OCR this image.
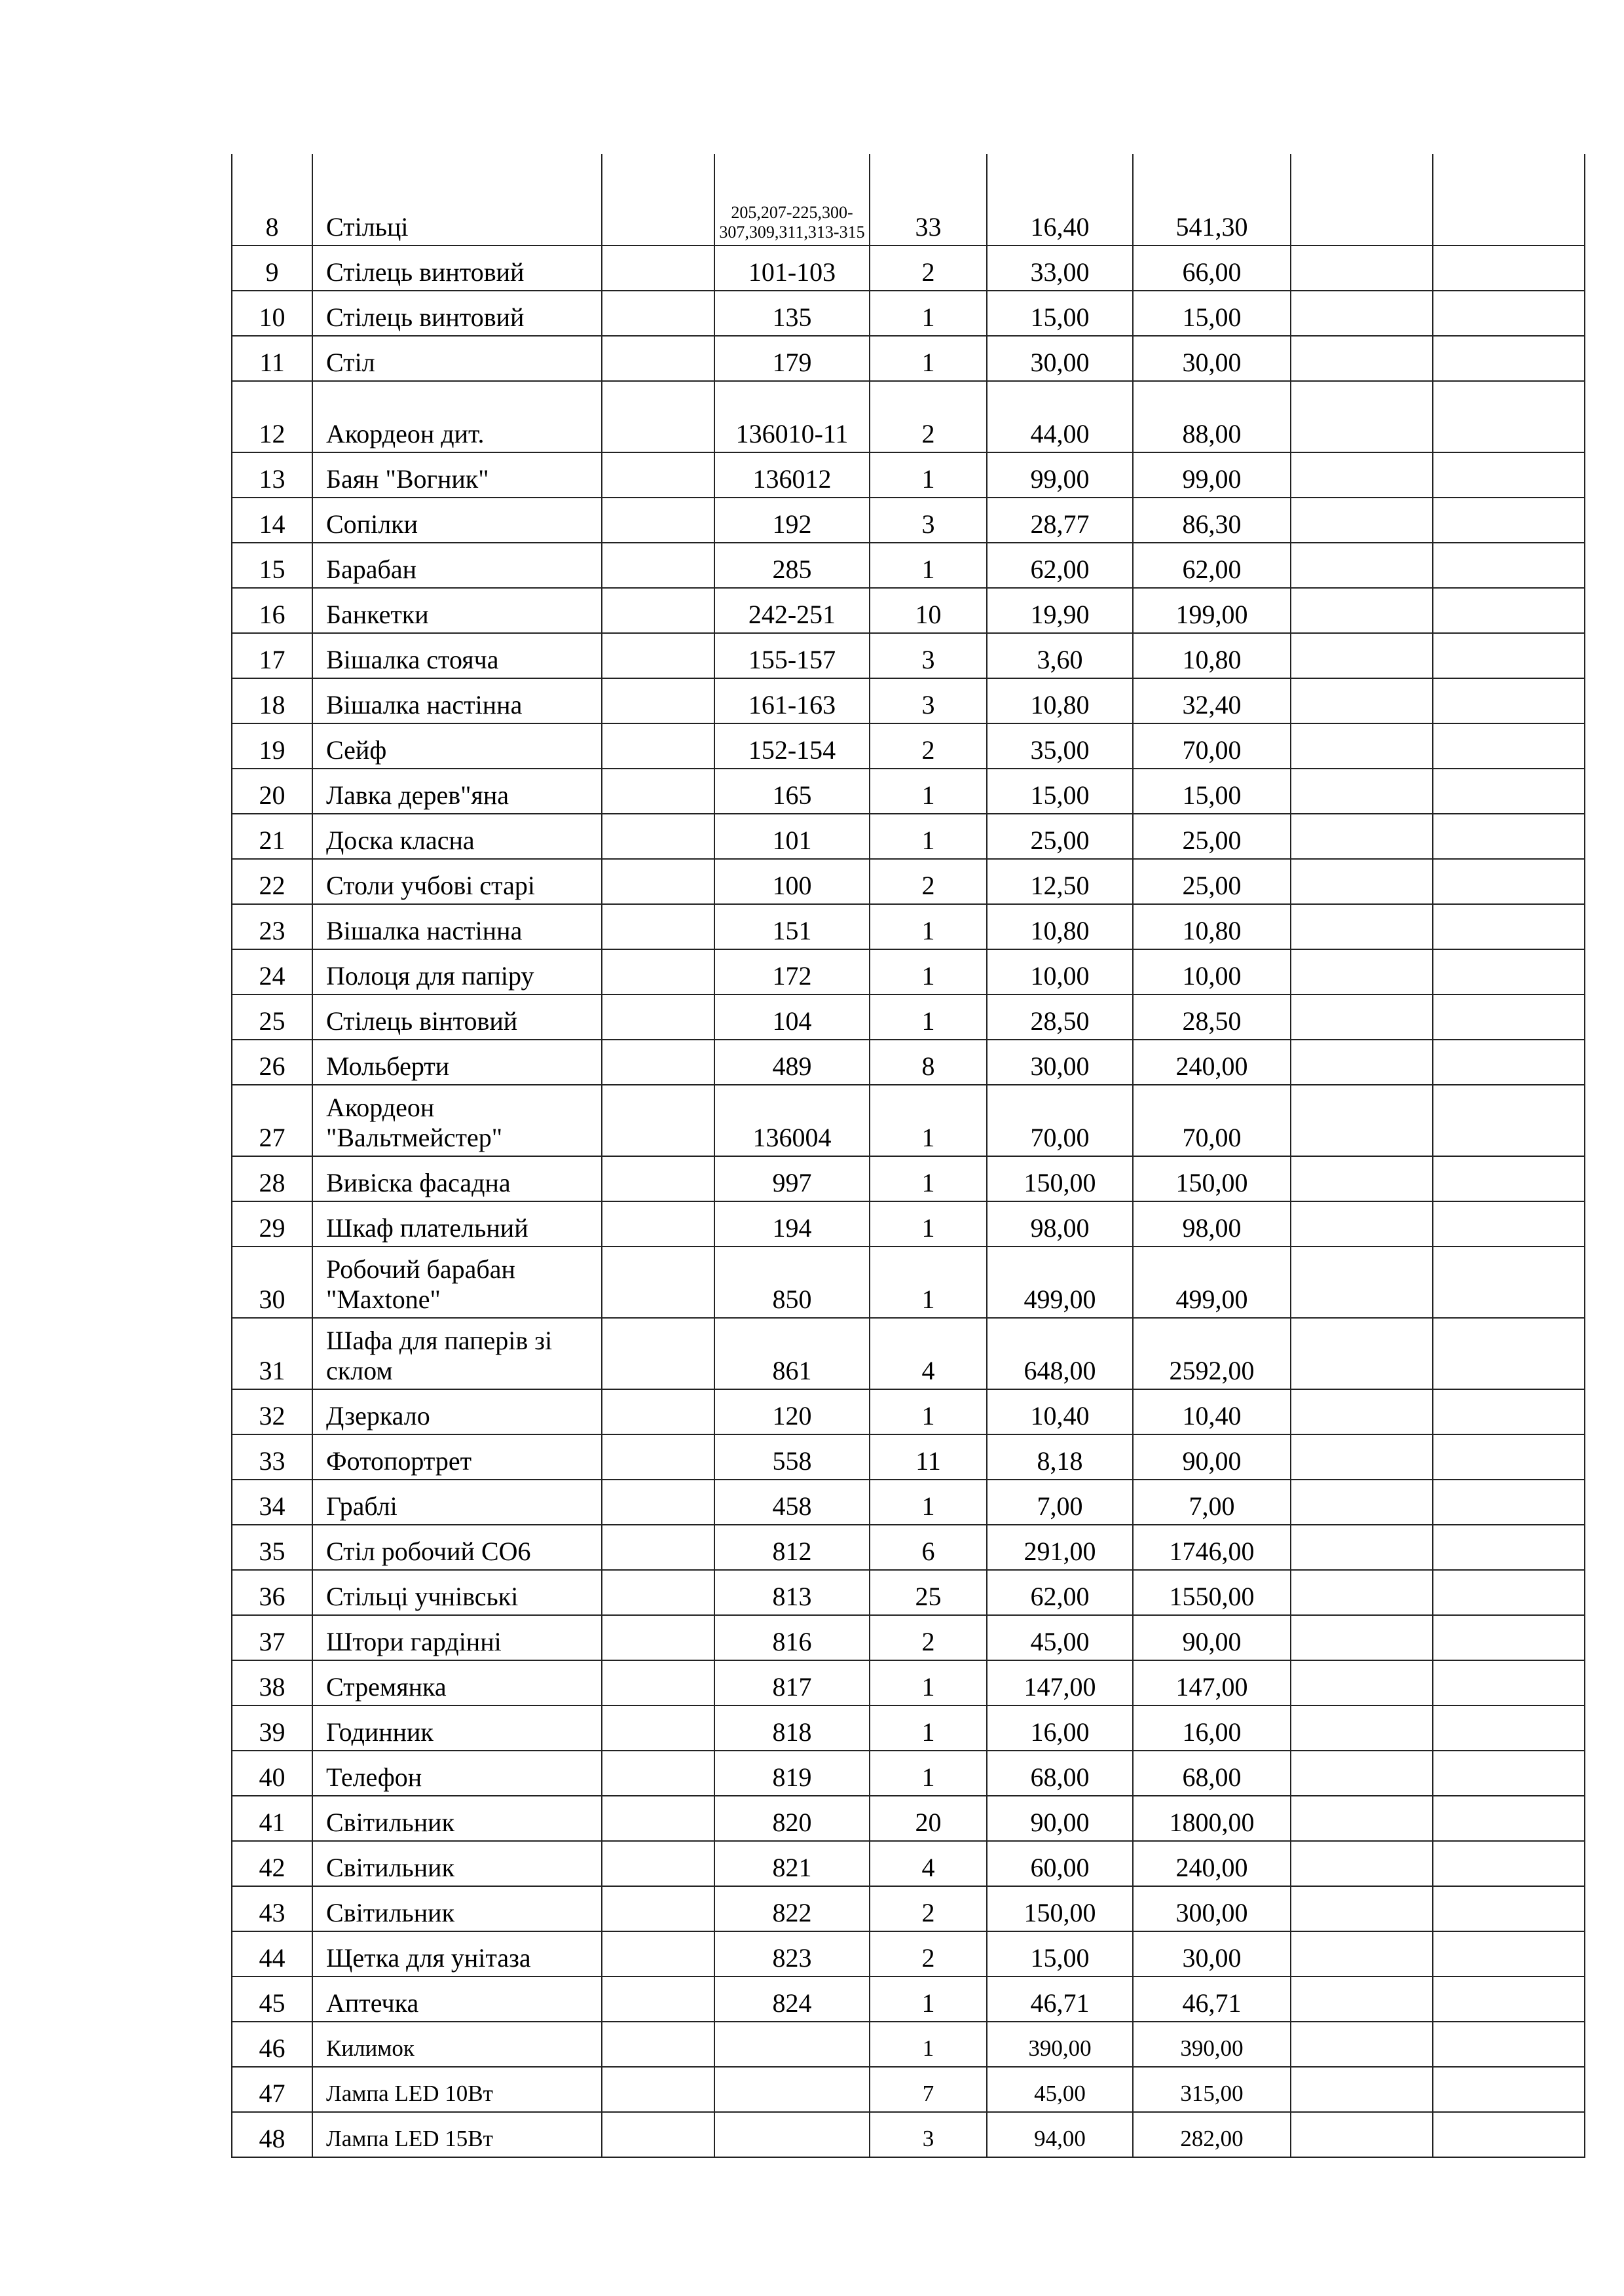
8	Стільці		205,207-225,300-307,309,311,313-315	33	16,40	541,30		
9	Стілець винтовий		101-103	2	33,00	66,00		
10	Стілець винтовий		135	1	15,00	15,00		
11	Стіл		179	1	30,00	30,00		
12	Акордеон дит.		136010-11	2	44,00	88,00		
13	Баян "Вогник"		136012	1	99,00	99,00		
14	Сопілки		192	3	28,77	86,30		
15	Барабан		285	1	62,00	62,00		
16	Банкетки		242-251	10	19,90	199,00		
17	Вішалка стояча		155-157	3	3,60	10,80		
18	Вішалка настінна		161-163	3	10,80	32,40		
19	Сейф		152-154	2	35,00	70,00		
20	Лавка дерев"яна		165	1	15,00	15,00		
21	Доска класна		101	1	25,00	25,00		
22	Столи учбові старі		100	2	12,50	25,00		
23	Вішалка настінна		151	1	10,80	10,80		
24	Полоця для папіру		172	1	10,00	10,00		
25	Стілець вінтовий		104	1	28,50	28,50		
26	Мольберти		489	8	30,00	240,00		
27	Акордеон "Вальтмейстер"		136004	1	70,00	70,00		
28	Вивіска фасадна		997	1	150,00	150,00		
29	Шкаф плательний		194	1	98,00	98,00		
30	Робочий барабан "Maxtone"		850	1	499,00	499,00		
31	Шафа для паперів зі склом		861	4	648,00	2592,00		
32	Дзеркало		120	1	10,40	10,40		
33	Фотопортрет		558	11	8,18	90,00		
34	Граблі		458	1	7,00	7,00		
35	Стіл робочий СО6		812	6	291,00	1746,00		
36	Стільці учнівські		813	25	62,00	1550,00		
37	Штори гардінні		816	2	45,00	90,00		
38	Стремянка		817	1	147,00	147,00		
39	Годинник		818	1	16,00	16,00		
40	Телефон		819	1	68,00	68,00		
41	Світильник		820	20	90,00	1800,00		
42	Світильник		821	4	60,00	240,00		
43	Світильник		822	2	150,00	300,00		
44	Щетка для унітаза		823	2	15,00	30,00		
45	Аптечка		824	1	46,71	46,71		
46	Килимок			1	390,00	390,00		
47	Лампа LED 10Вт			7	45,00	315,00		
48	Лампа LED 15Вт			3	94,00	282,00		
